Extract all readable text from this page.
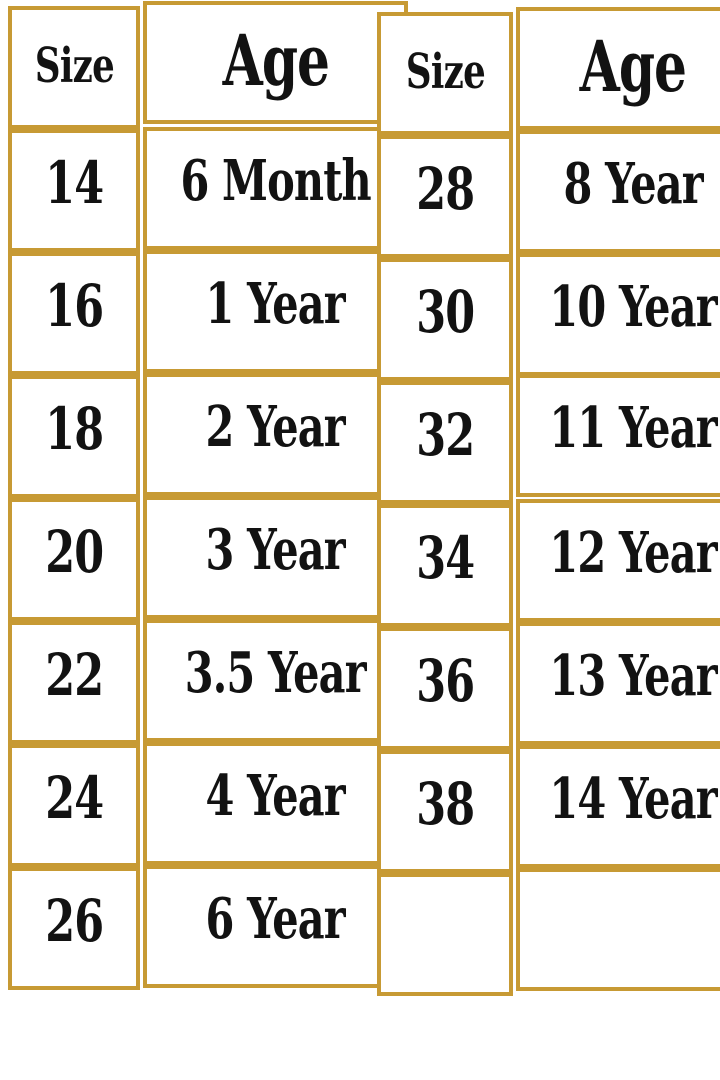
Size Age
14 6 Month
16 1 Year
18 2 Year
20 3 Year
22 3.5 Year
24 4 Year
26 6 Year
Size Age
28 8 Year
30 10 Year
32 11 Year
34 12 Year
36 13 Year
38 14 Year
